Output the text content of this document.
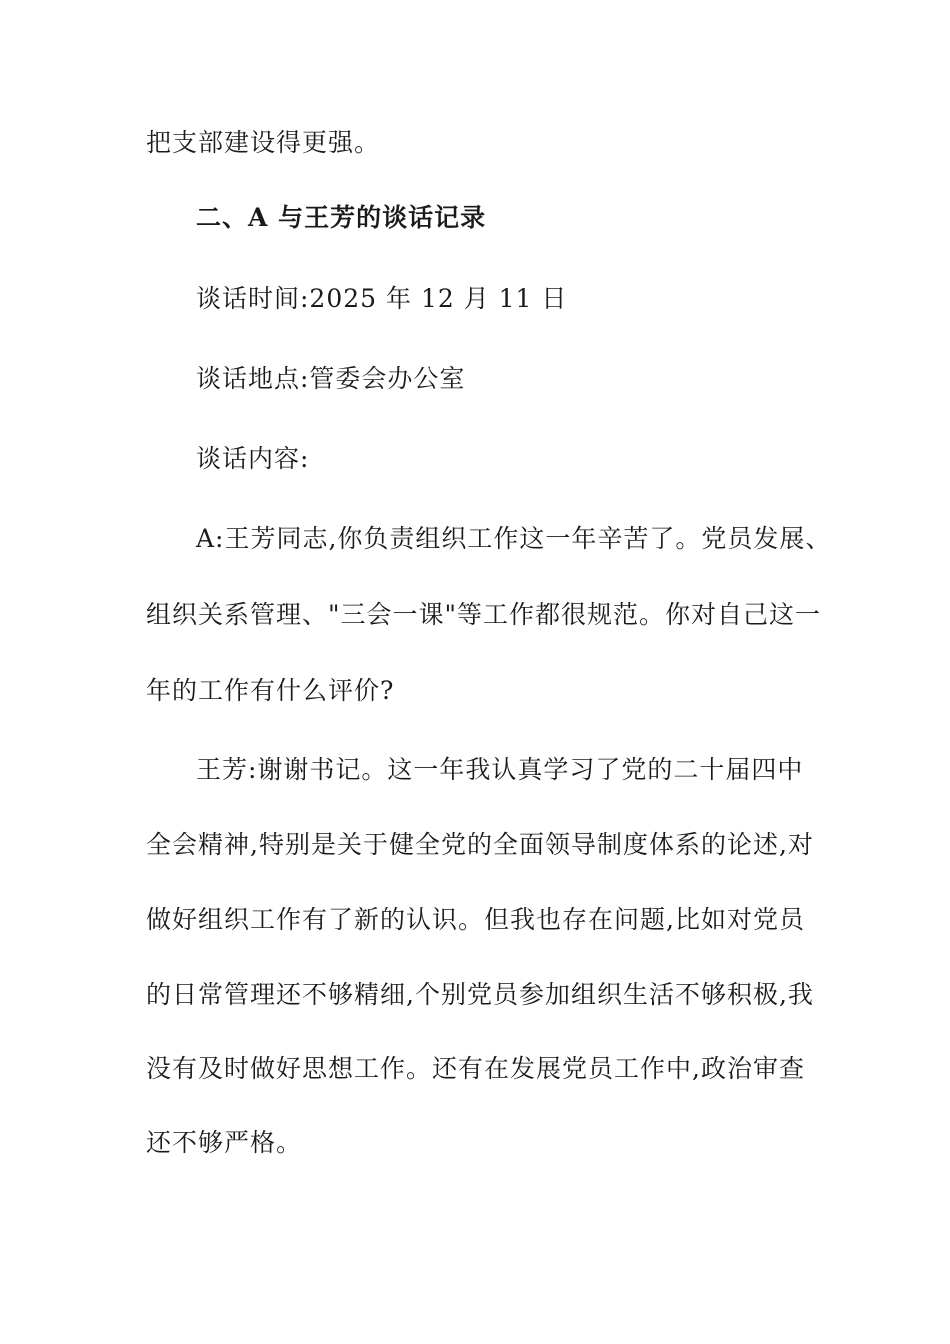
把支部建设得更强。
二、A 与王芳的谈话记录
谈话时间:2025 年 12 月 11 日
谈话地点:管委会办公室
谈话内容:
A:王芳同志,你负责组织工作这一年辛苦了。党员发展、
组织关系管理、"三会一课"等工作都很规范。你对自己这一
年的工作有什么评价?
王芳:谢谢书记。这一年我认真学习了党的二十届四中
全会精神,特别是关于健全党的全面领导制度体系的论述,对
做好组织工作有了新的认识。但我也存在问题,比如对党员
的日常管理还不够精细,个别党员参加组织生活不够积极,我
没有及时做好思想工作。还有在发展党员工作中,政治审查
还不够严格。
